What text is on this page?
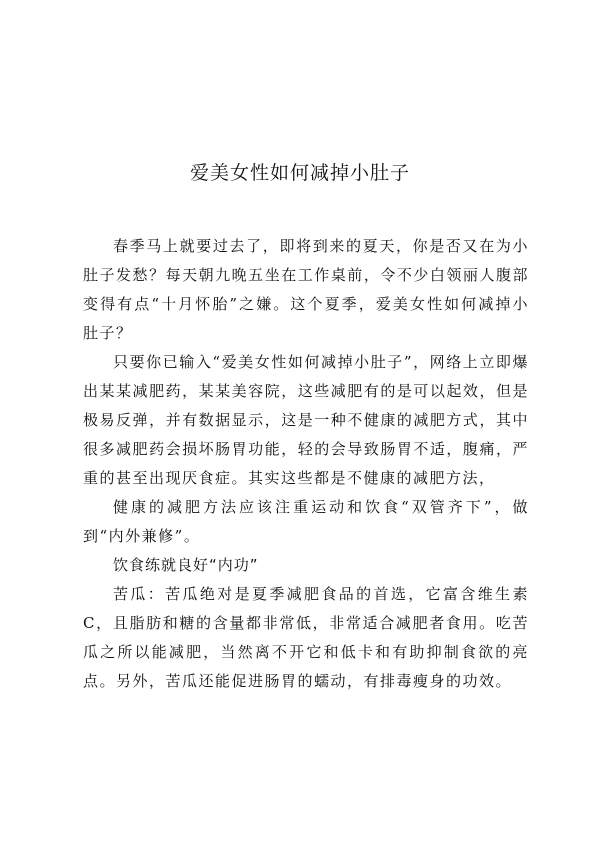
爱美女性如何减掉小肚子

春季马上就要过去了，即将到来的夏天，你是否又在为小肚子发愁？每天朝九晚五坐在工作桌前，令不少白领丽人腹部变得有点“十月怀胎”之嫌。这个夏季，爱美女性如何减掉小肚子？

只要你已输入“爱美女性如何减掉小肚子”，网络上立即爆出某某减肥药，某某美容院，这些减肥有的是可以起效，但是极易反弹，并有数据显示，这是一种不健康的减肥方式，其中很多减肥药会损坏肠胃功能，轻的会导致肠胃不适，腹痛，严重的甚至出现厌食症。其实这些都是不健康的减肥方法，

健康的减肥方法应该注重运动和饮食“双管齐下”，做到“内外兼修”。

饮食练就良好“内功”

苦瓜：苦瓜绝对是夏季减肥食品的首选，它富含维生素 C，且脂肪和糖的含量都非常低，非常适合减肥者食用。吃苦瓜之所以能减肥，当然离不开它和低卡和有助抑制食欲的亮点。另外，苦瓜还能促进肠胃的蠕动，有排毒瘦身的功效。
